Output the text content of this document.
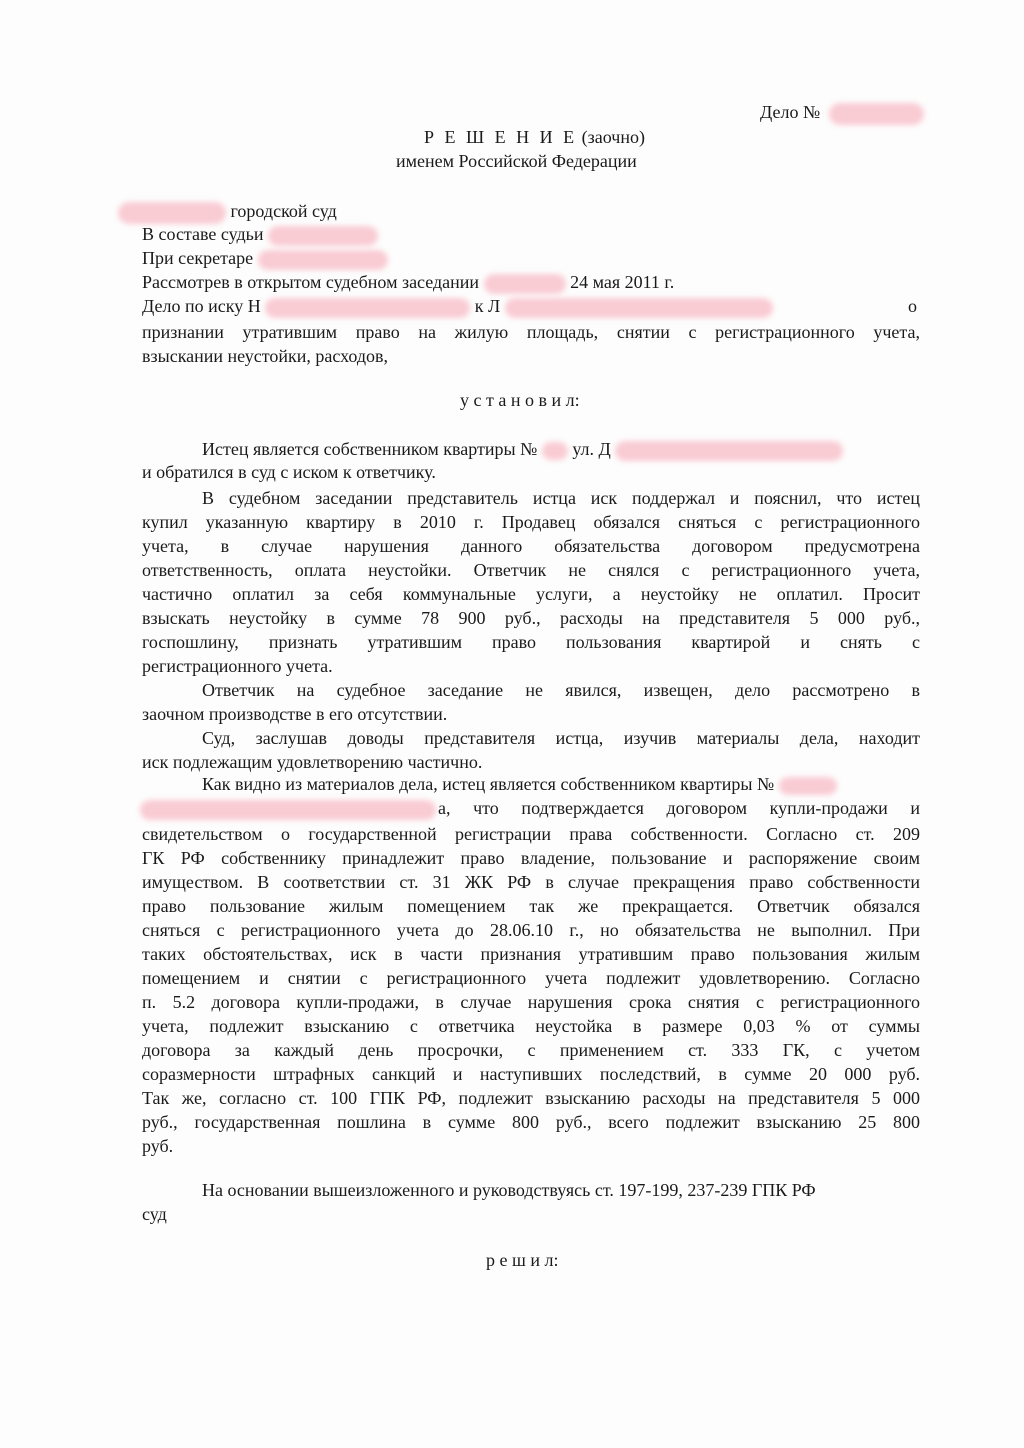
Дело №
Р Е Ш Е Н И Е (заочно)
именем Российской Федерации
городской суд
В составе судьи
При секретаре
Рассмотрев в открытом судебном заседании	24 мая 2011 г.
Дело по иску Н	к Л	о
признании утратившим право на жилую площадь, снятии с регистрационного учета,
взыскании неустойки, расходов,
у с т а н о в и л:
Истец является собственником квартиры № ул. Д
и обратился в суд с иском к ответчику.
В судебном заседании представитель истца иск поддержал и пояснил, что истец
купил указанную квартиру в 2010 г. Продавец обязался сняться с регистрационного
учета, в случае нарушения данного обязательства договором предусмотрена
ответственность, оплата неустойки. Ответчик не снялся с регистрационного учета,
частично оплатил за себя коммунальные услуги, а неустойку не оплатил. Просит
взыскать неустойку в сумме 78 900 руб., расходы на представителя 5 000 руб.,
госпошлину, признать утратившим право пользования квартирой и снять с
регистрационного учета.
Ответчик на судебное заседание не явился, извещен, дело рассмотрено в
заочном производстве в его отсутствии.
Суд, заслушав доводы представителя истца, изучив материалы дела, находит
иск подлежащим удовлетворению частично.
Как видно из материалов дела, истец является собственником квартиры №
а, что подтверждается договором купли-продажи и
свидетельством о государственной регистрации права собственности. Согласно ст. 209
ГК РФ собственнику принадлежит право владение, пользование и распоряжение своим
имуществом. В соответствии ст. 31 ЖК РФ в случае прекращения право собственности
право пользование жилым помещением так же прекращается. Ответчик обязался
сняться с регистрационного учета до 28.06.10 г., но обязательства не выполнил. При
таких обстоятельствах, иск в части признания утратившим право пользования жилым
помещением и снятии с регистрационного учета подлежит удовлетворению. Согласно
п. 5.2 договора купли-продажи, в случае нарушения срока снятия с регистрационного
учета, подлежит взысканию с ответчика неустойка в размере 0,03 % от суммы
договора за каждый день просрочки, с применением ст. 333 ГК, с учетом
соразмерности штрафных санкций и наступивших последствий, в сумме 20 000 руб.
Так же, согласно ст. 100 ГПК РФ, подлежит взысканию расходы на представителя 5 000
руб., государственная пошлина в сумме 800 руб., всего подлежит взысканию 25 800
руб.
На основании вышеизложенного и руководствуясь ст. 197-199, 237-239 ГПК РФ
суд
р е ш и л:
